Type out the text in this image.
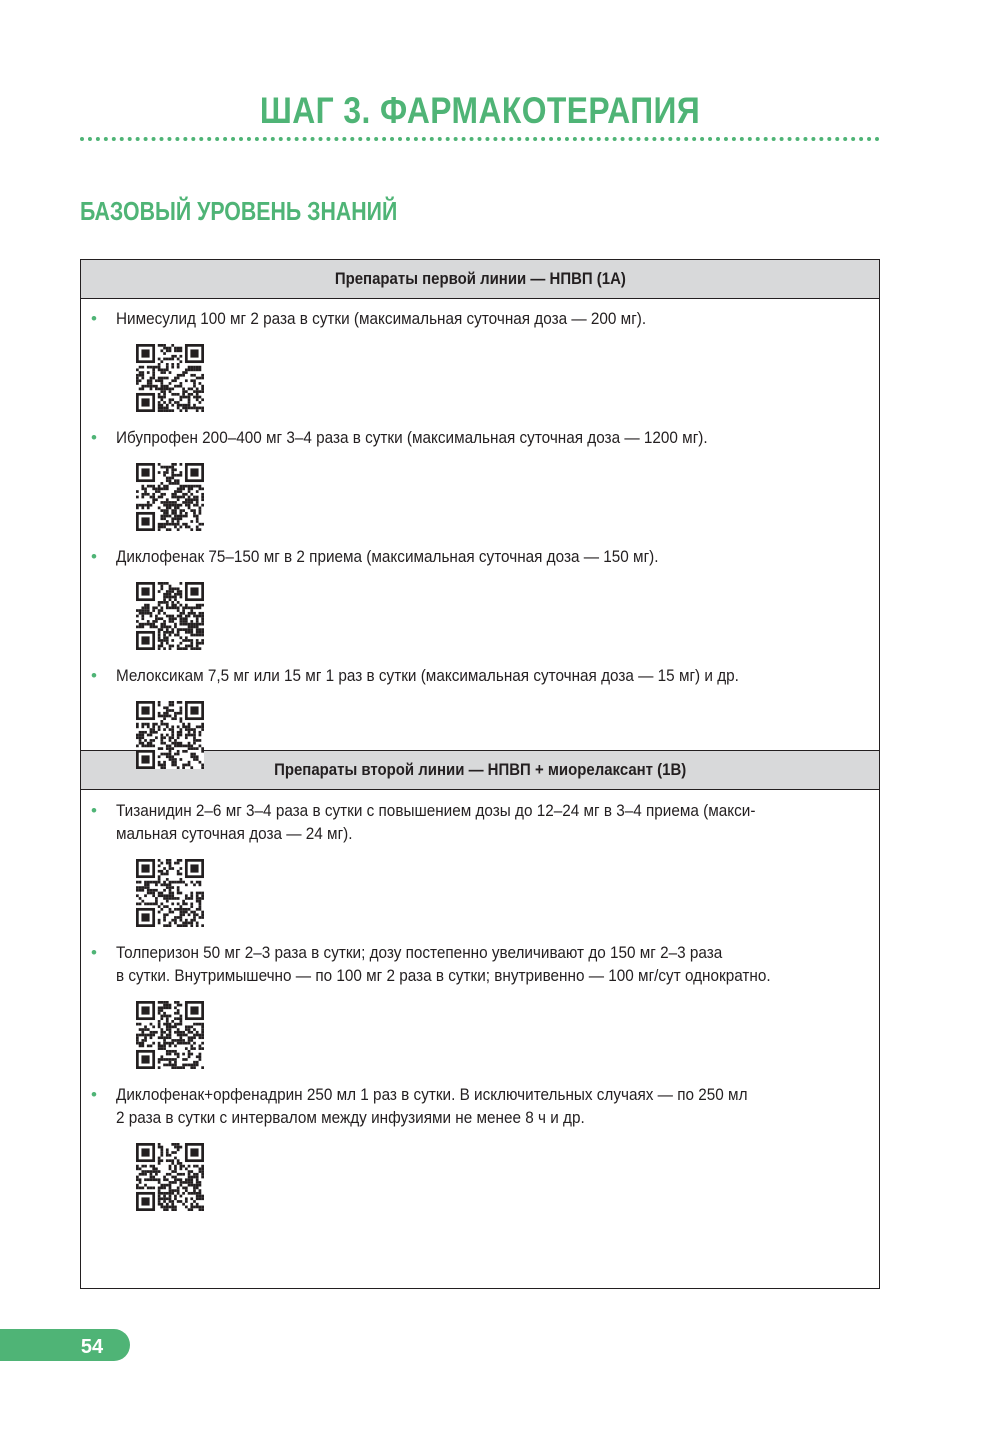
ШАГ 3. ФАРМАКОТЕРАПИЯ
БАЗОВЫЙ УРОВЕНЬ ЗНАНИЙ
Препараты первой линии — НПВП (1А)
• Нимесулид 100 мг 2 раза в сутки (максимальная суточная доза — 200 мг).
• Ибупрофен 200–400 мг 3–4 раза в сутки (максимальная суточная доза — 1200 мг).
• Диклофенак 75–150 мг в 2 приема (максимальная суточная доза — 150 мг).
• Мелоксикам 7,5 мг или 15 мг 1 раз в сутки (максимальная суточная доза — 15 мг) и др.
Препараты второй линии — НПВП + миорелаксант (1В)
• Тизанидин 2–6 мг 3–4 раза в сутки с повышением дозы до 12–24 мг в 3–4 приема (макси-
мальная суточная доза — 24 мг).
• Толперизон 50 мг 2–3 раза в сутки; дозу постепенно увеличивают до 150 мг 2–3 раза
в сутки. Внутримышечно — по 100 мг 2 раза в сутки; внутривенно — 100 мг/сут однократно.
• Диклофенак+орфенадрин 250 мл 1 раз в сутки. В исключительных случаях — по 250 мл
2 раза в сутки с интервалом между инфузиями не менее 8 ч и др.
54
